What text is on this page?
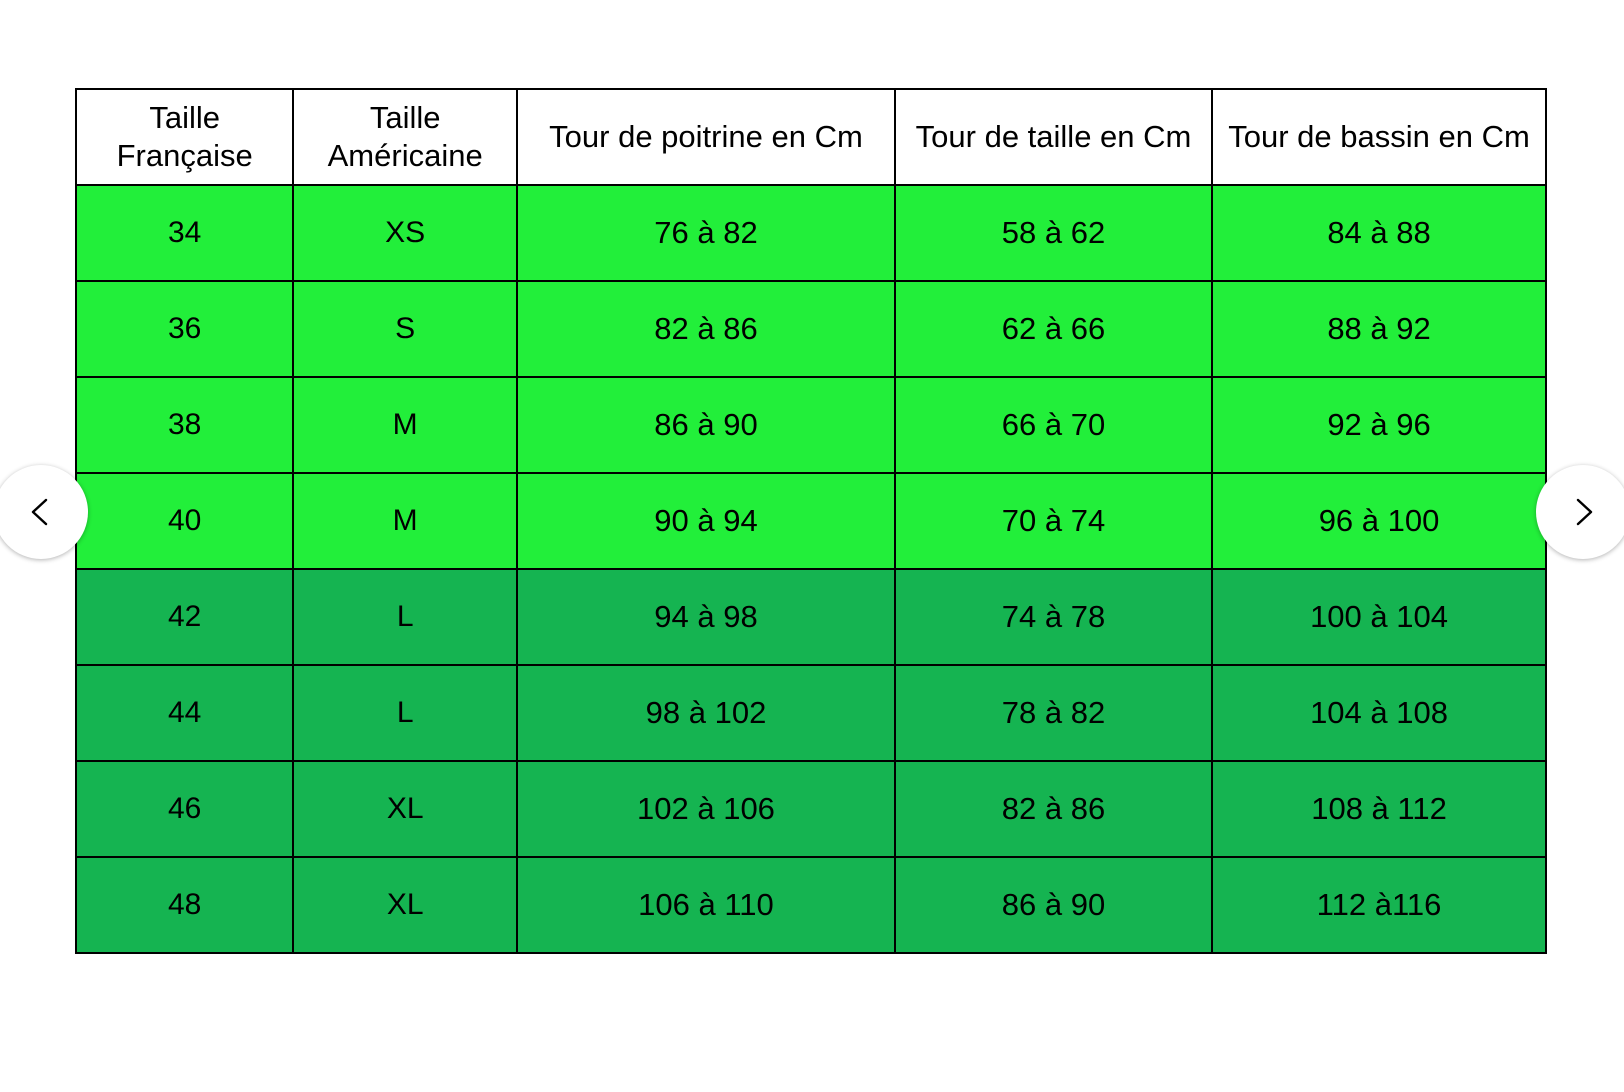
Taille Française	Taille Américaine	Tour de poitrine en Cm	Tour de taille en Cm	Tour de bassin en Cm
34	XS	76 à 82	58 à 62	84 à 88
36	S	82 à 86	62 à 66	88 à 92
38	M	86 à 90	66 à 70	92 à 96
40	M	90 à 94	70 à 74	96 à 100
42	L	94 à 98	74 à 78	100 à 104
44	L	98 à 102	78 à 82	104 à 108
46	XL	102 à 106	82 à 86	108 à 112
48	XL	106 à 110	86 à 90	112 à116
